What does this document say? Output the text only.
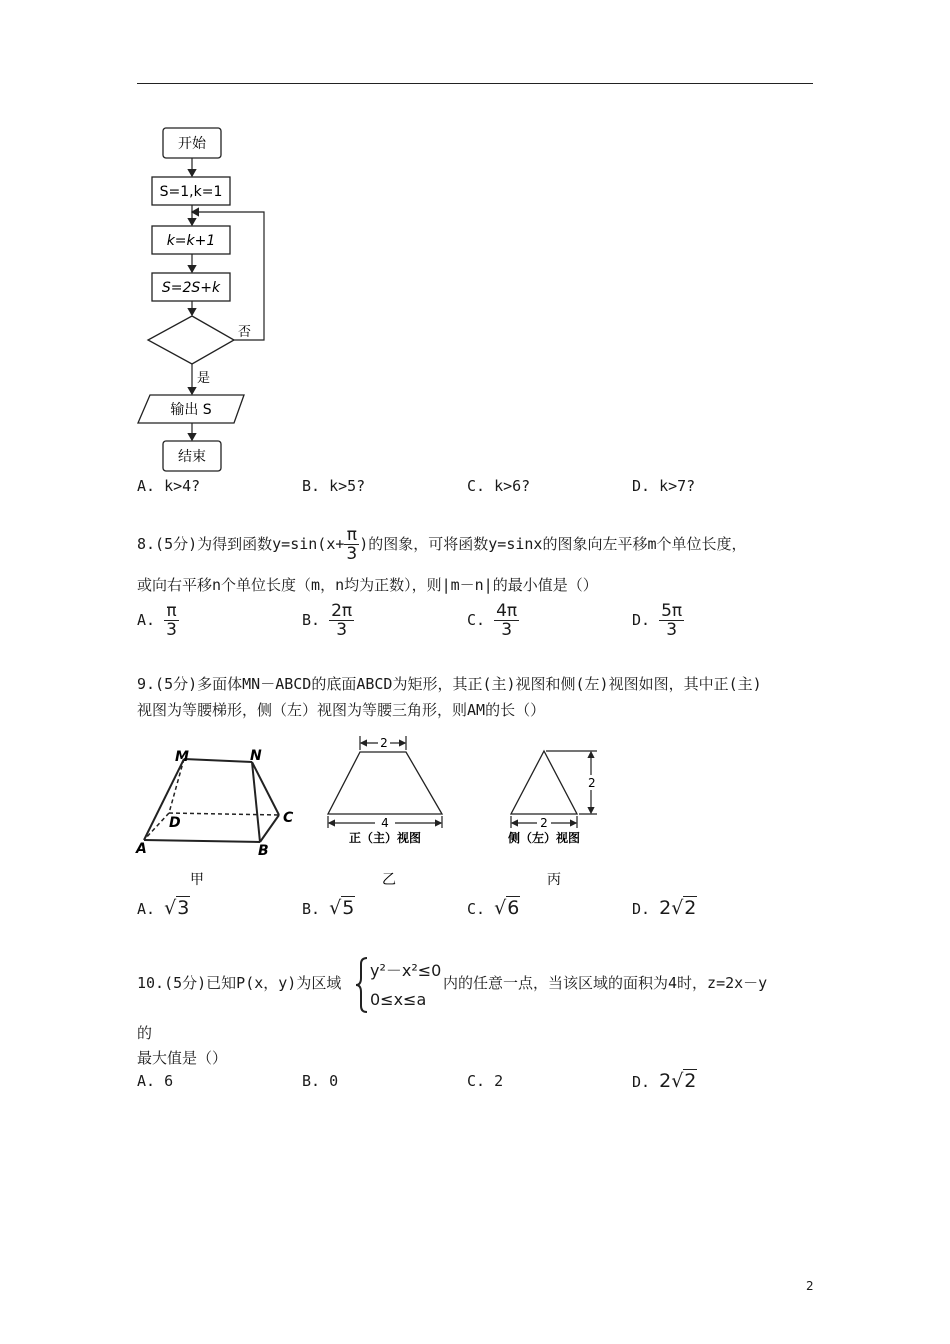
开始
S=1,k=1
k=k+1
S=2S+k
否
是
输出 S
结束
A. k>4?	B. k>5?	C. k>6?	D. k>7?
8.(5分)为得到函数$y=\sin(x+ \frac{\pi}{3}$ )的图象，可将函数y=sinx的图象向左平移m个单位长度，
或向右平移n个单位长度（m，n均为正数），则|m－n|的最小值是（）
A. $\frac{\pi}{3}$	B. $\frac{2\pi}{3}$	C. $\frac{4\pi}{3}$	D. $\frac{5\pi}{3}$
9.(5分)多面体MN－ABCD的底面ABCD为矩形，其正(主)视图和侧(左)视图如图，其中正(主)
视图为等腰梯形，侧（左）视图为等腰三角形，则AM的长（）
M	N
D	C
A	B
甲
2
4
正（主）视图
乙
2
2
侧（左）视图
丙
A. √3	B. √5	C. √6	D. 2√2
10.(5分)已知P(x，y)为区域
y²－x²≤0
0≤x≤a
内的任意一点，当该区域的面积为4时，z=2x－y
的
最大值是（）
A. 6	B. 0	C. 2	D. 2√2
2
